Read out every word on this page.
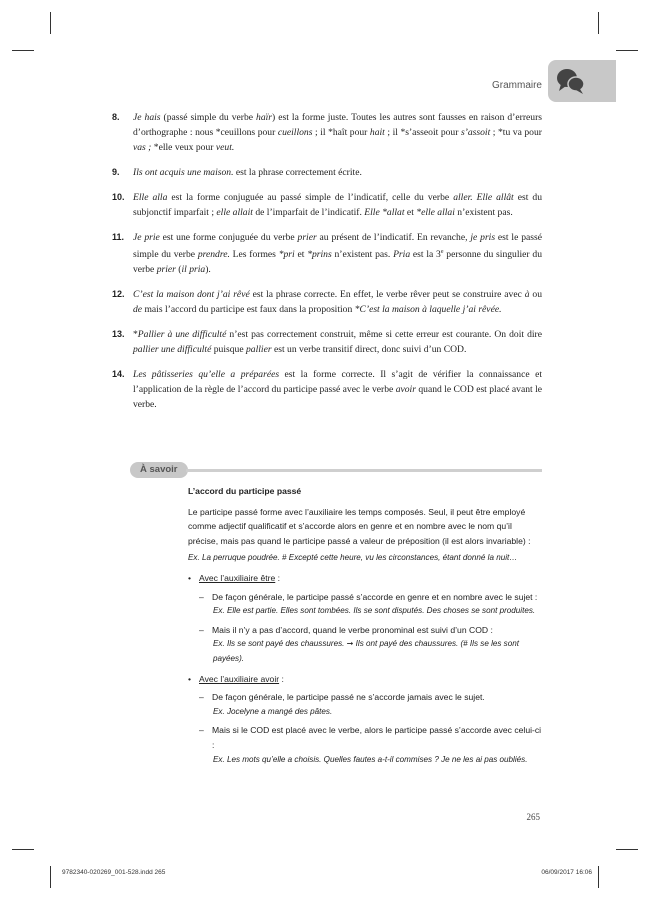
Grammaire
8. Je hais (passé simple du verbe haïr) est la forme juste. Toutes les autres sont fausses en raison d’erreurs d’orthographe : nous *ceuillons pour cueillons ; il *haît pour hait ; il *s’asseoit pour s’assoit ; *tu va pour vas ; *elle veux pour veut.
9. Ils ont acquis une maison. est la phrase correctement écrite.
10. Elle alla est la forme conjuguée au passé simple de l’indicatif, celle du verbe aller. Elle allât est du subjonctif imparfait ; elle allait de l’imparfait de l’indicatif. Elle *allat et *elle allai n’existent pas.
11. Je prie est une forme conjuguée du verbe prier au présent de l’indicatif. En revanche, je pris est le passé simple du verbe prendre. Les formes *pri et *prins n’existent pas. Pria est la 3e personne du singulier du verbe prier (il pria).
12. C’est la maison dont j’ai rêvé est la phrase correcte. En effet, le verbe rêver peut se construire avec à ou de mais l’accord du participe est faux dans la proposition *C’est la maison à laquelle j’ai rêvée.
13. *Pallier à une difficulté n’est pas correctement construit, même si cette erreur est courante. On doit dire pallier une difficulté puisque pallier est un verbe transitif direct, donc suivi d’un COD.
14. Les pâtisseries qu’elle a préparées est la forme correcte. Il s’agit de vérifier la connaissance et l’application de la règle de l’accord du participe passé avec le verbe avoir quand le COD est placé avant le verbe.
À savoir
L’accord du participe passé
Le participe passé forme avec l’auxiliaire les temps composés. Seul, il peut être employé comme adjectif qualificatif et s’accorde alors en genre et en nombre avec le nom qu’il précise, mais pas quand le participe passé a valeur de préposition (il est alors invariable) :
Ex. La perruque poudrée. # Excepté cette heure, vu les circonstances, étant donné la nuit…
• Avec l’auxiliaire être :
– De façon générale, le participe passé s’accorde en genre et en nombre avec le sujet :
Ex. Elle est partie. Elles sont tombées. Ils se sont disputés. Des choses se sont produites.
– Mais il n’y a pas d’accord, quand le verbe pronominal est suivi d’un COD :
Ex. Ils se sont payé des chaussures. ➞ Ils ont payé des chaussures. (# Ils se les sont payées).
• Avec l’auxiliaire avoir :
– De façon générale, le participe passé ne s’accorde jamais avec le sujet.
Ex. Jocelyne a mangé des pâtes.
– Mais si le COD est placé avec le verbe, alors le participe passé s’accorde avec celui-ci :
Ex. Les mots qu’elle a choisis. Quelles fautes a-t-il commises ? Je ne les ai pas oubliés.
265
9782340-020269_001-528.indd 265	06/09/2017 16:06
